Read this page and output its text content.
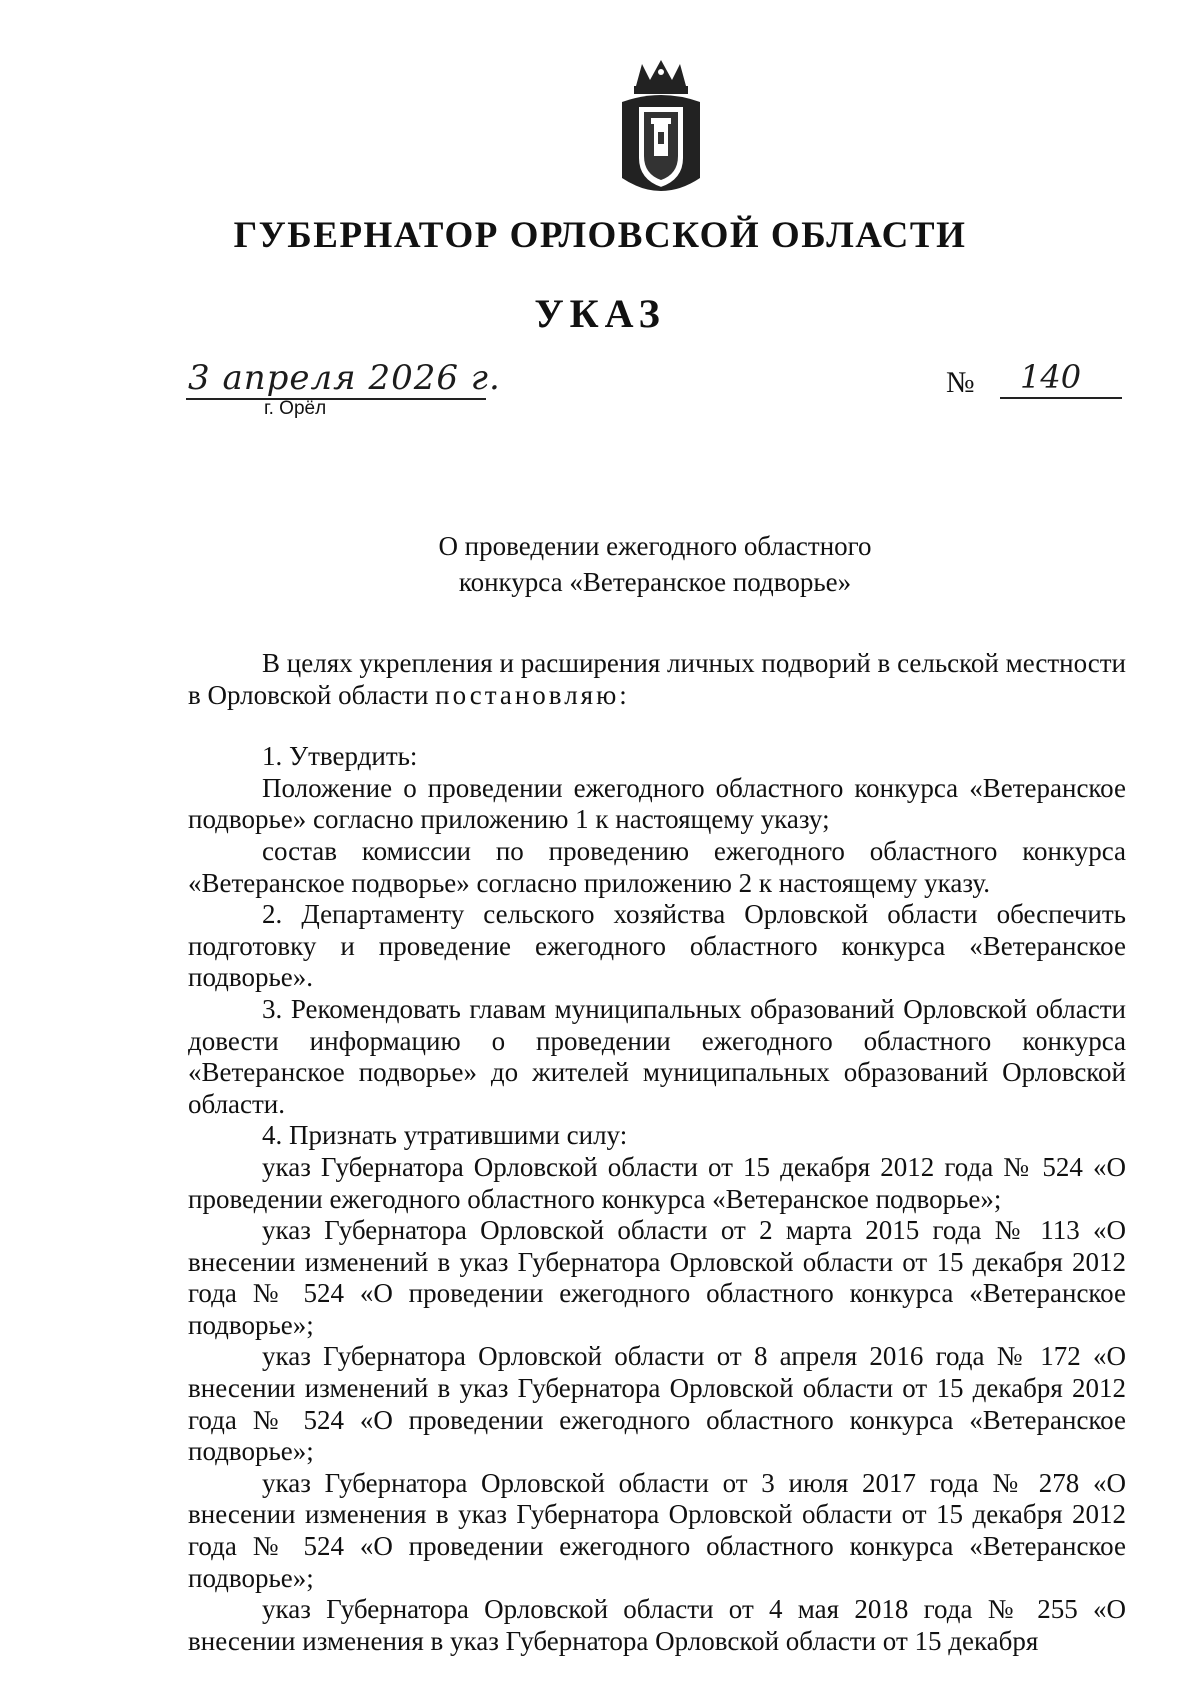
ГУБЕРНАТОР ОРЛОВСКОЙ ОБЛАСТИ
УКАЗ
3 апреля 2026 г.
г. Орёл
№ 140
О проведении ежегодного областного
конкурса «Ветеранское подворье»

В целях укрепления и расширения личных подворий в сельской местности в Орловской области постановляю:

1. Утвердить:

Положение о проведении ежегодного областного конкурса «Ветеранское подворье» согласно приложению 1 к настоящему указу;

состав комиссии по проведению ежегодного областного конкурса «Ветеранское подворье» согласно приложению 2 к настоящему указу.

2. Департаменту сельского хозяйства Орловской области обеспечить подготовку и проведение ежегодного областного конкурса «Ветеранское подворье».

3. Рекомендовать главам муниципальных образований Орловской области довести информацию о проведении ежегодного областного конкурса «Ветеранское подворье» до жителей муниципальных образований Орловской области.

4. Признать утратившими силу:

указ Губернатора Орловской области от 15 декабря 2012 года № 524 «О проведении ежегодного областного конкурса «Ветеранское подворье»;

указ Губернатора Орловской области от 2 марта 2015 года № 113 «О внесении изменений в указ Губернатора Орловской области от 15 декабря 2012 года № 524 «О проведении ежегодного областного конкурса «Ветеранское подворье»;

указ Губернатора Орловской области от 8 апреля 2016 года № 172 «О внесении изменений в указ Губернатора Орловской области от 15 декабря 2012 года № 524 «О проведении ежегодного областного конкурса «Ветеранское подворье»;

указ Губернатора Орловской области от 3 июля 2017 года № 278 «О внесении изменения в указ Губернатора Орловской области от 15 декабря 2012 года № 524 «О проведении ежегодного областного конкурса «Ветеранское подворье»;

указ Губернатора Орловской области от 4 мая 2018 года № 255 «О внесении изменения в указ Губернатора Орловской области от 15 декабря
